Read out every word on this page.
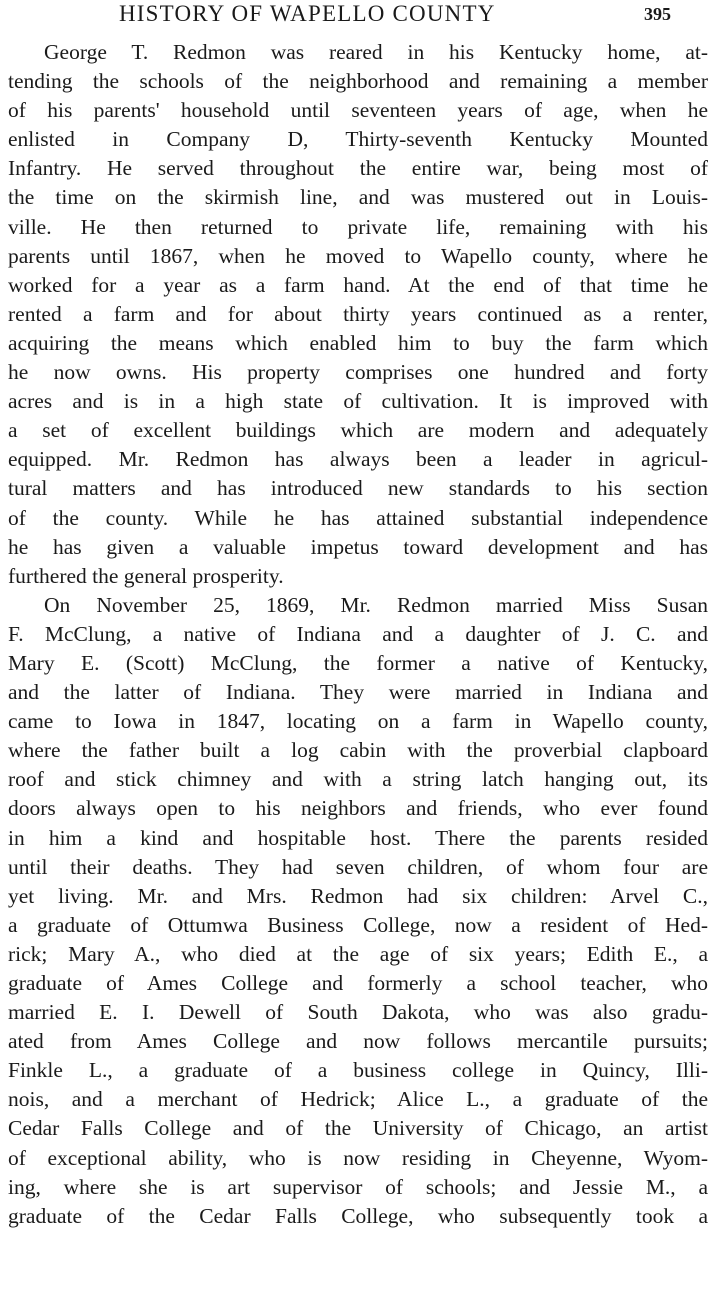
HISTORY OF WAPELLO COUNTY	395
George T. Redmon was reared in his Kentucky home, at-
tending the schools of the neighborhood and remaining a member
of his parents' household until seventeen years of age, when he
enlisted in Company D, Thirty-seventh Kentucky Mounted
Infantry. He served throughout the entire war, being most of
the time on the skirmish line, and was mustered out in Louis-
ville. He then returned to private life, remaining with his
parents until 1867, when he moved to Wapello county, where he
worked for a year as a farm hand. At the end of that time he
rented a farm and for about thirty years continued as a renter,
acquiring the means which enabled him to buy the farm which
he now owns. His property comprises one hundred and forty
acres and is in a high state of cultivation. It is improved with
a set of excellent buildings which are modern and adequately
equipped. Mr. Redmon has always been a leader in agricul-
tural matters and has introduced new standards to his section
of the county. While he has attained substantial independence
he has given a valuable impetus toward development and has
furthered the general prosperity.
On November 25, 1869, Mr. Redmon married Miss Susan
F. McClung, a native of Indiana and a daughter of J. C. and
Mary E. (Scott) McClung, the former a native of Kentucky,
and the latter of Indiana. They were married in Indiana and
came to Iowa in 1847, locating on a farm in Wapello county,
where the father built a log cabin with the proverbial clapboard
roof and stick chimney and with a string latch hanging out, its
doors always open to his neighbors and friends, who ever found
in him a kind and hospitable host. There the parents resided
until their deaths. They had seven children, of whom four are
yet living. Mr. and Mrs. Redmon had six children: Arvel C.,
a graduate of Ottumwa Business College, now a resident of Hed-
rick; Mary A., who died at the age of six years; Edith E., a
graduate of Ames College and formerly a school teacher, who
married E. I. Dewell of South Dakota, who was also gradu-
ated from Ames College and now follows mercantile pursuits;
Finkle L., a graduate of a business college in Quincy, Illi-
nois, and a merchant of Hedrick; Alice L., a graduate of the
Cedar Falls College and of the University of Chicago, an artist
of exceptional ability, who is now residing in Cheyenne, Wyom-
ing, where she is art supervisor of schools; and Jessie M., a
graduate of the Cedar Falls College, who subsequently took a
